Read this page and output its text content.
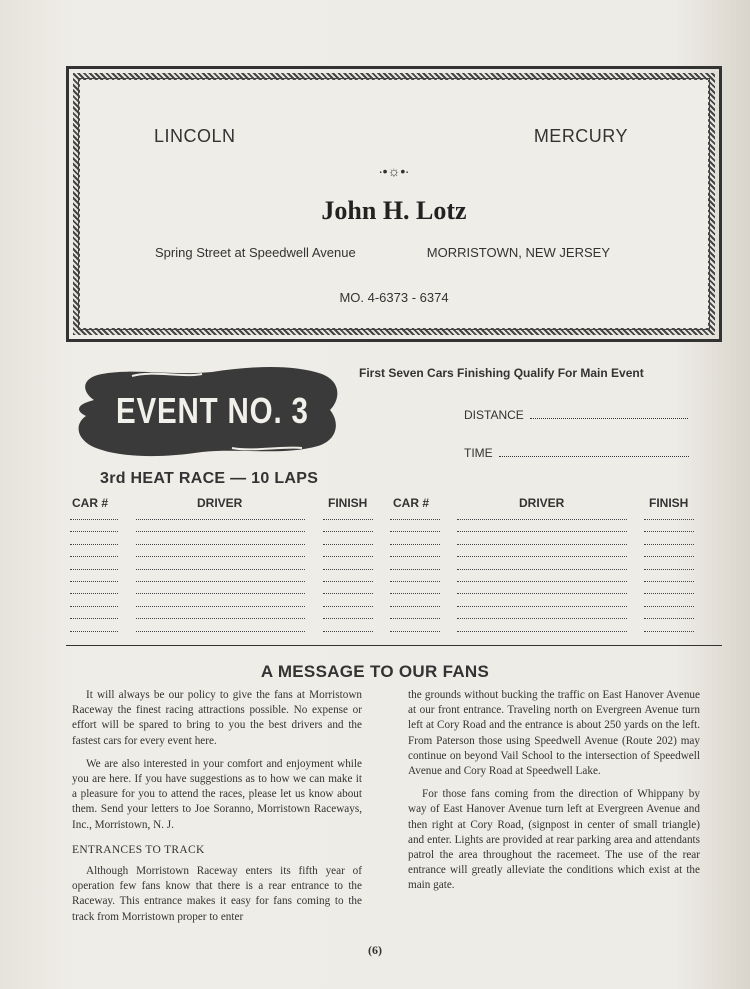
LINCOLN	MERCURY
∙•☼•∙
John H. Lotz
Spring Street at Speedwell Avenue	MORRISTOWN, NEW JERSEY
MO. 4-6373 - 6374
EVENT NO. 3
First Seven Cars Finishing Qualify For Main Event
DISTANCE
TIME
3rd HEAT RACE — 10 LAPS
CAR #	DRIVER	FINISH CAR #	DRIVER	FINISH
A MESSAGE TO OUR FANS

It will always be our policy to give the fans at Morristown Raceway the finest racing attractions possible. No expense or effort will be spared to bring to you the best drivers and the fastest cars for every event here.

We are also interested in your comfort and enjoyment while you are here. If you have suggestions as to how we can make it a pleasure for you to attend the races, please let us know about them. Send your letters to Joe Soranno, Morristown Raceways, Inc., Morristown, N. J.

ENTRANCES TO TRACK

Although Morristown Raceway enters its fifth year of operation few fans know that there is a rear entrance to the Raceway. This entrance makes it easy for fans coming to the track from Morristown proper to enter

the grounds without bucking the traffic on East Hanover Avenue at our front entrance. Traveling north on Evergreen Avenue turn left at Cory Road and the entrance is about 250 yards on the left. From Paterson those using Speedwell Avenue (Route 202) may continue on beyond Vail School to the intersection of Speedwell Avenue and Cory Road at Speedwell Lake.

For those fans coming from the direction of Whippany by way of East Hanover Avenue turn left at Evergreen Avenue and then right at Cory Road, (signpost in center of small triangle) and enter. Lights are provided at rear parking area and attendants patrol the area throughout the racemeet. The use of the rear entrance will greatly alleviate the conditions which exist at the main gate.

(6)
